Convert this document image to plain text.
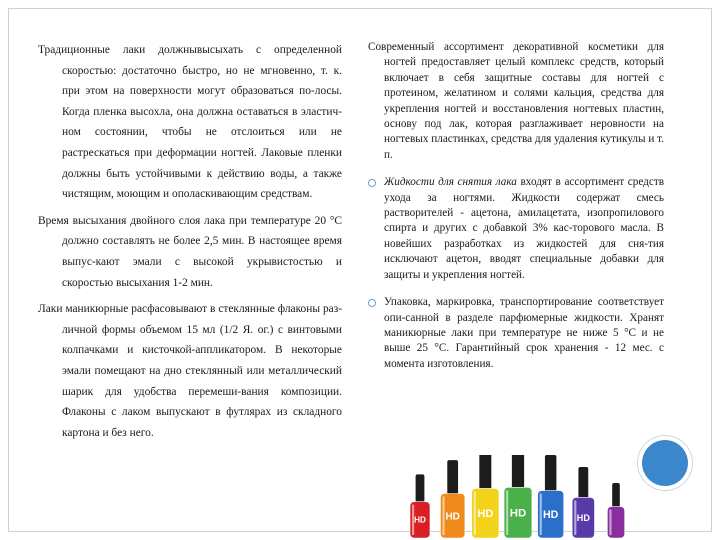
Традиционные лаки должнывысыхать с определенной скоростью: достаточно быстро, но не мгновенно, т. к. при этом на поверхности могут образоваться по-лосы. Когда пленка высохла, она должна оставаться в эластич-ном состоянии, чтобы не отслоиться или не растрескаться при деформации ногтей. Лаковые пленки должны быть устойчивыми к действию воды, а также чистящим, моющим и ополаскивающим средствам.

Время высыхания двойного слоя лака при температуре 20 °С должно составлять не более 2,5 мин. В настоящее время выпус-кают эмали с высокой укрывистостью и скоростью высыхания 1-2 мин.

Лаки маникюрные расфасовывают в стеклянные флаконы раз-личной формы объемом 15 мл (1/2 Я. ог.) с винтовыми колпачками и кисточкой-аппликатором. В некоторые эмали помещают на дно стеклянный или металлический шарик для удобства перемеши-вания композиции. Флаконы с лаком выпускают в футлярах из складного картона и без него.

Современный ассортимент декоративной косметики для ногтей предоставляет целый комплекс средств, который включает в себя защитные составы для ногтей с протеином, желатином и солями кальция, средства для укрепления ногтей и восстановления ногтевых пластин, основу под лак, которая разглаживает неровности на ногтевых пластинках, средства для удаления кутикулы и т. п.

Жидкости для снятия лака входят в ассортимент средств ухода за ногтями. Жидкости содержат смесь растворителей - ацетона, амилацетата, изопропилового спирта и других с добавкой 3% кас-торового масла. В новейших разработках из жидкостей для сня-тия исключают ацетон, вводят специальные добавки для защиты и укрепления ногтей.
Упаковка, маркировка, транспортирование соответствует опи-санной в разделе парфюмерные жидкости. Хранят маникюрные лаки при температуре не ниже 5 °С и не выше 25 °С. Гарантийный срок хранения - 12 мес. с момента изготовления.
HD HD HD HD HD HD
